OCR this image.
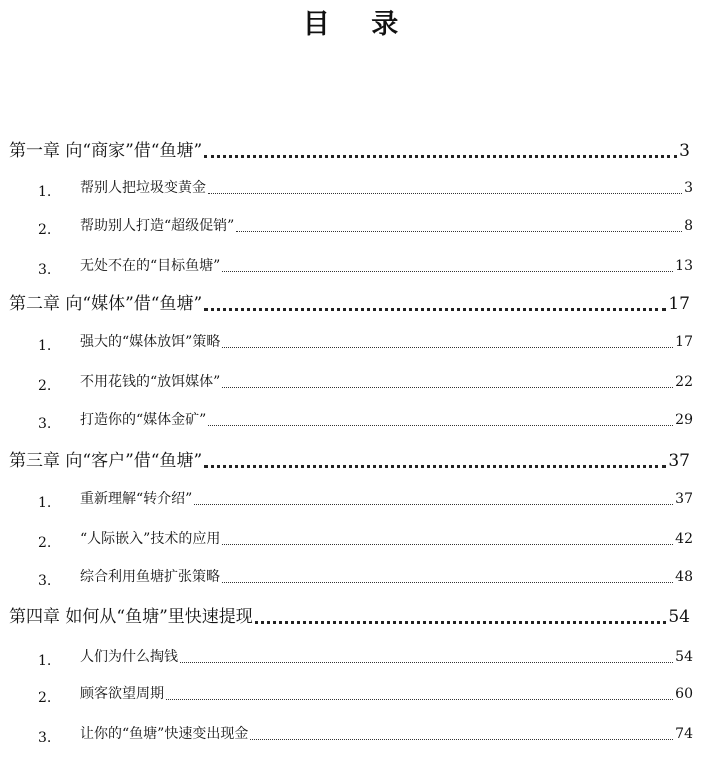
目 录
第一章 向“商家”借“鱼塘”	3
1.	帮别人把垃圾变黄金	3
2.	帮助别人打造“超级促销”	8
3.	无处不在的“目标鱼塘”	13
第二章 向“媒体”借“鱼塘”	17
1.	强大的“媒体放饵”策略	17
2.	不用花钱的“放饵媒体”	22
3.	打造你的“媒体金矿”	29
第三章 向“客户”借“鱼塘”	37
1.	重新理解“转介绍”	37
2.	“人际嵌入”技术的应用	42
3.	综合利用鱼塘扩张策略	48
第四章 如何从“鱼塘”里快速提现	54
1.	人们为什么掏钱	54
2.	顾客欲望周期	60
3.	让你的“鱼塘”快速变出现金	74
